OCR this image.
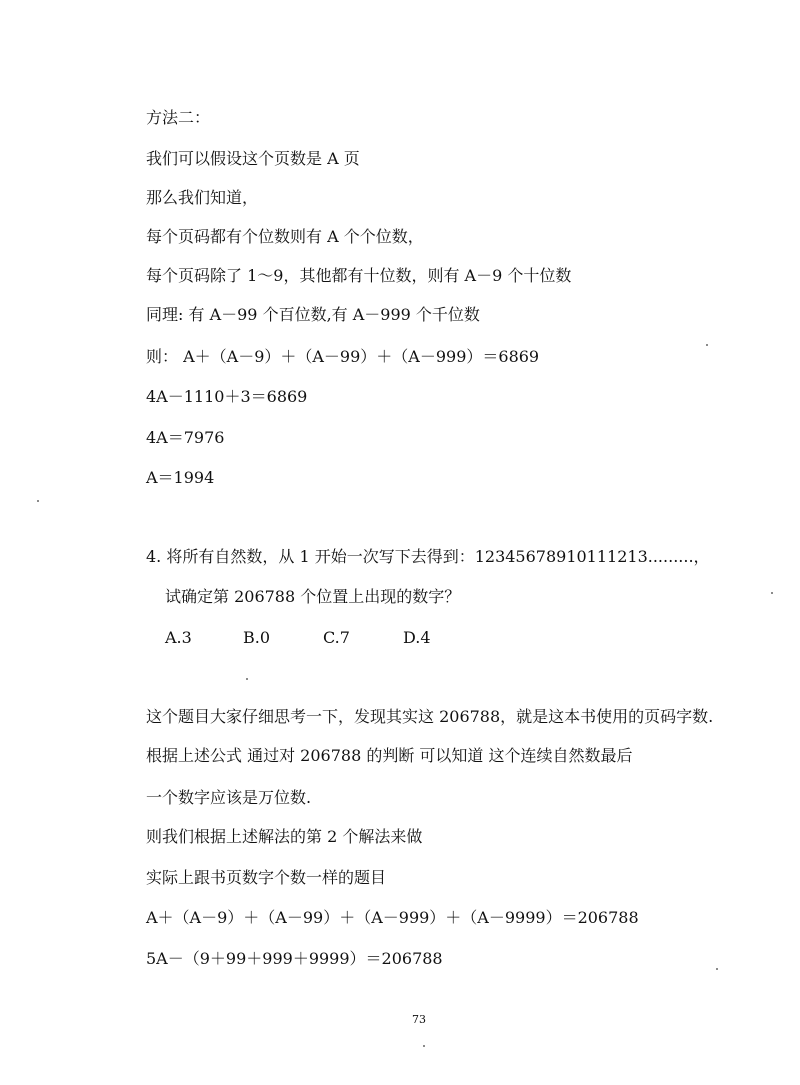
方法二：
我们可以假设这个页数是 A 页
那么我们知道，
每个页码都有个位数则有 A 个个位数，
每个页码除了 1～9，其他都有十位数，则有 A－9 个十位数
同理: 有 A－99 个百位数,有 A－999 个千位数
则： A＋（A－9）＋（A－99）＋（A－999）＝6869
4A－1110＋3＝6869
4A＝7976
A＝1994
4. 将所有自然数，从 1 开始一次写下去得到：12345678910111213.........，
试确定第 206788 个位置上出现的数字？
A.3	B.0	C.7	D.4
这个题目大家仔细思考一下，发现其实这 206788，就是这本书使用的页码字数.
根据上述公式 通过对 206788 的判断 可以知道 这个连续自然数最后
一个数字应该是万位数.
则我们根据上述解法的第 2 个解法来做
实际上跟书页数字个数一样的题目
A＋（A－9）＋（A－99）＋（A－999）＋（A－9999）＝206788
5A－（9＋99＋999＋9999）＝206788
73
